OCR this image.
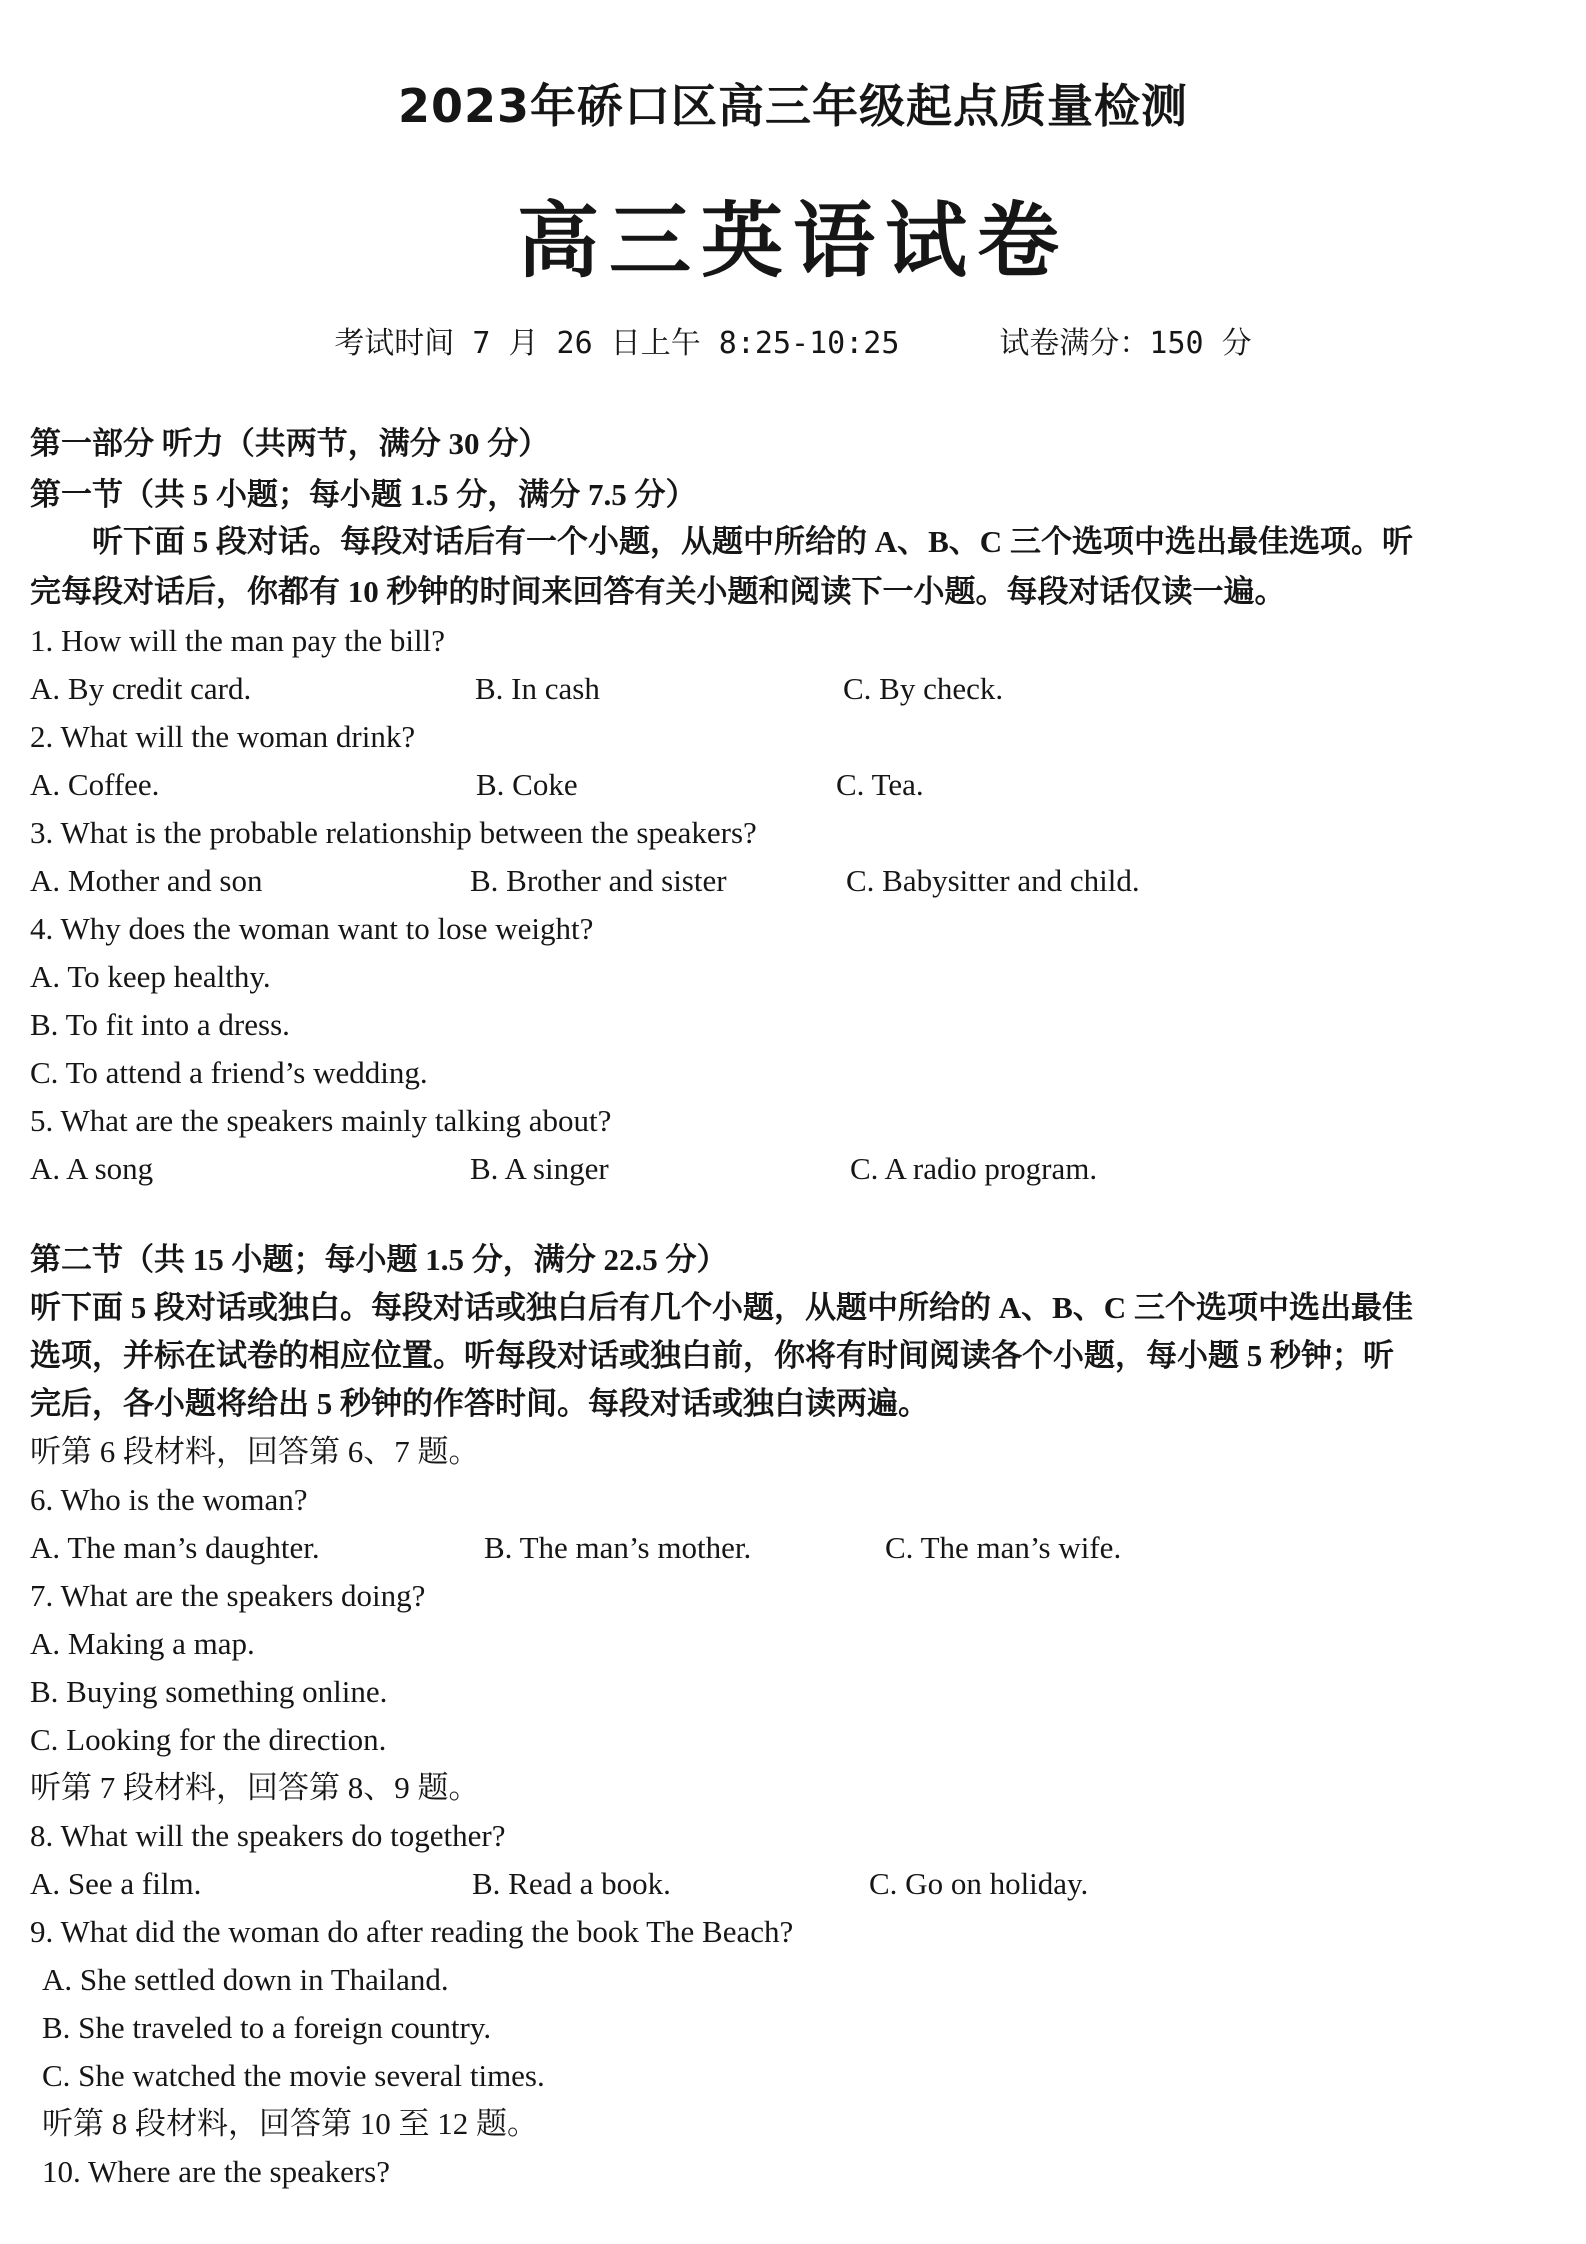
2023年硚口区高三年级起点质量检测
高三英语试卷
考试时间 7 月 26 日上午 8:25-10:25	试卷满分：150 分
第一部分 听力（共两节，满分 30 分）
第一节（共 5 小题；每小题 1.5 分，满分 7.5 分）
　　听下面 5 段对话。每段对话后有一个小题，从题中所给的 A、B、C 三个选项中选出最佳选项。听
完每段对话后，你都有 10 秒钟的时间来回答有关小题和阅读下一小题。每段对话仅读一遍。
1. How will the man pay the bill?
A. By credit card.	B. In cash	C. By check.
2. What will the woman drink?
A. Coffee.	B. Coke	C. Tea.
3. What is the probable relationship between the speakers?
A. Mother and son	B. Brother and sister	C. Babysitter and child.
4. Why does the woman want to lose weight?
A. To keep healthy.
B. To fit into a dress.
C. To attend a friend’s wedding.
5. What are the speakers mainly talking about?
A. A song	B. A singer	C. A radio program.
第二节（共 15 小题；每小题 1.5 分，满分 22.5 分）
听下面 5 段对话或独白。每段对话或独白后有几个小题，从题中所给的 A、B、C 三个选项中选出最佳
选项，并标在试卷的相应位置。听每段对话或独白前，你将有时间阅读各个小题，每小题 5 秒钟；听
完后，各小题将给出 5 秒钟的作答时间。每段对话或独白读两遍。
听第 6 段材料，回答第 6、7 题。
6. Who is the woman?
A. The man’s daughter.	B. The man’s mother.	C. The man’s wife.
7. What are the speakers doing?
A. Making a map.
B. Buying something online.
C. Looking for the direction.
听第 7 段材料，回答第 8、9 题。
8. What will the speakers do together?
A. See a film.	B. Read a book.	C. Go on holiday.
9. What did the woman do after reading the book The Beach?
A. She settled down in Thailand.
B. She traveled to a foreign country.
C. She watched the movie several times.
听第 8 段材料，回答第 10 至 12 题。
10. Where are the speakers?
